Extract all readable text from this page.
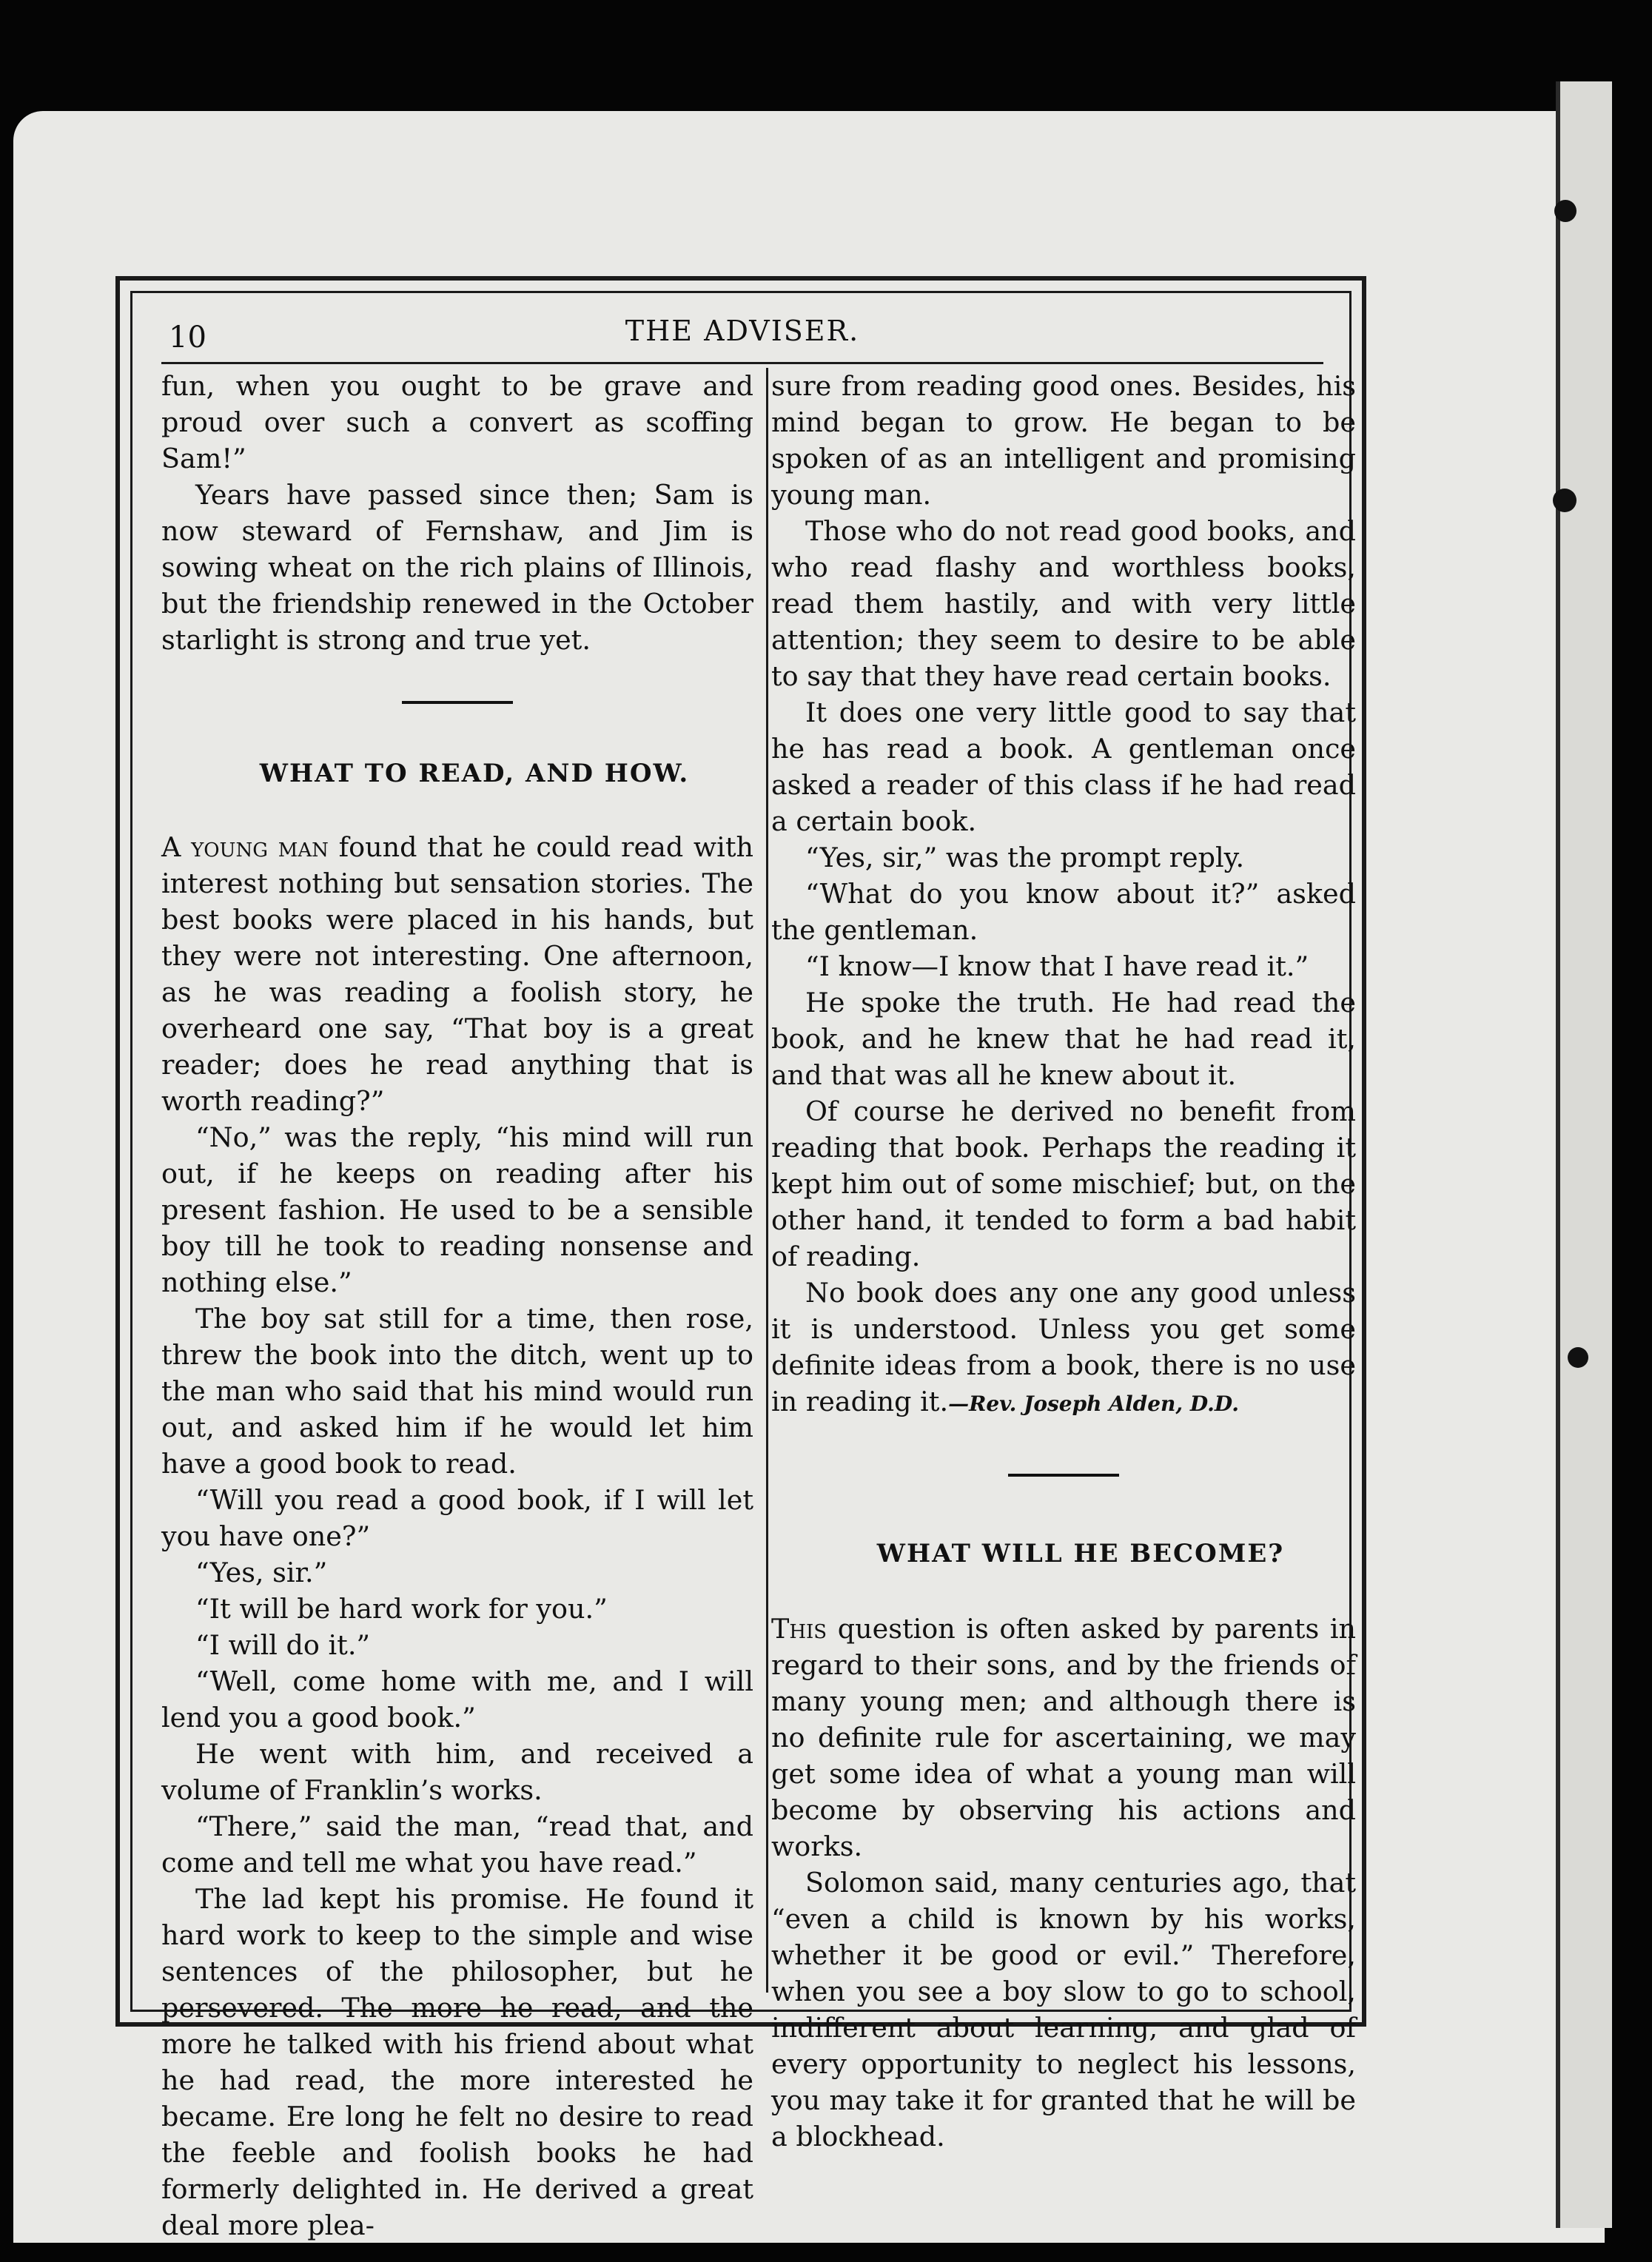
10	THE ADVISER.

fun, when you ought to be grave and proud over such a convert as scoffing Sam!”

Years have passed since then; Sam is now steward of Fernshaw, and Jim is sowing wheat on the rich plains of Illinois, but the friendship renewed in the October starlight is strong and true yet.

WHAT TO READ, AND HOW.

A young man found that he could read with interest nothing but sensation stories. The best books were placed in his hands, but they were not interesting. One afternoon, as he was reading a foolish story, he overheard one say, “That boy is a great reader; does he read anything that is worth reading?”

“No,” was the reply, “his mind will run out, if he keeps on reading after his present fashion. He used to be a sensible boy till he took to reading nonsense and nothing else.”

The boy sat still for a time, then rose, threw the book into the ditch, went up to the man who said that his mind would run out, and asked him if he would let him have a good book to read.

“Will you read a good book, if I will let you have one?”

“Yes, sir.”

“It will be hard work for you.”

“I will do it.”

“Well, come home with me, and I will lend you a good book.”

He went with him, and received a volume of Franklin’s works.

“There,” said the man, “read that, and come and tell me what you have read.”

The lad kept his promise. He found it hard work to keep to the simple and wise sentences of the philosopher, but he persevered. The more he read, and the more he talked with his friend about what he had read, the more interested he became. Ere long he felt no desire to read the feeble and foolish books he had formerly delighted in. He derived a great deal more plea-

sure from reading good ones. Besides, his mind began to grow. He began to be spoken of as an intelligent and promising young man.

Those who do not read good books, and who read flashy and worthless books, read them hastily, and with very little attention; they seem to desire to be able to say that they have read certain books.

It does one very little good to say that he has read a book. A gentleman once asked a reader of this class if he had read a certain book.

“Yes, sir,” was the prompt reply.

“What do you know about it?” asked the gentleman.

“I know—I know that I have read it.”

He spoke the truth. He had read the book, and he knew that he had read it, and that was all he knew about it.

Of course he derived no benefit from reading that book. Perhaps the reading it kept him out of some mischief; but, on the other hand, it tended to form a bad habit of reading.

No book does any one any good unless it is understood. Unless you get some definite ideas from a book, there is no use in reading it.—Rev. Joseph Alden, D.D.

WHAT WILL HE BECOME?

This question is often asked by parents in regard to their sons, and by the friends of many young men; and although there is no definite rule for ascertaining, we may get some idea of what a young man will become by observing his actions and works.

Solomon said, many centuries ago, that “even a child is known by his works, whether it be good or evil.” Therefore, when you see a boy slow to go to school, indifferent about learning, and glad of every opportunity to neglect his lessons, you may take it for granted that he will be a blockhead.
